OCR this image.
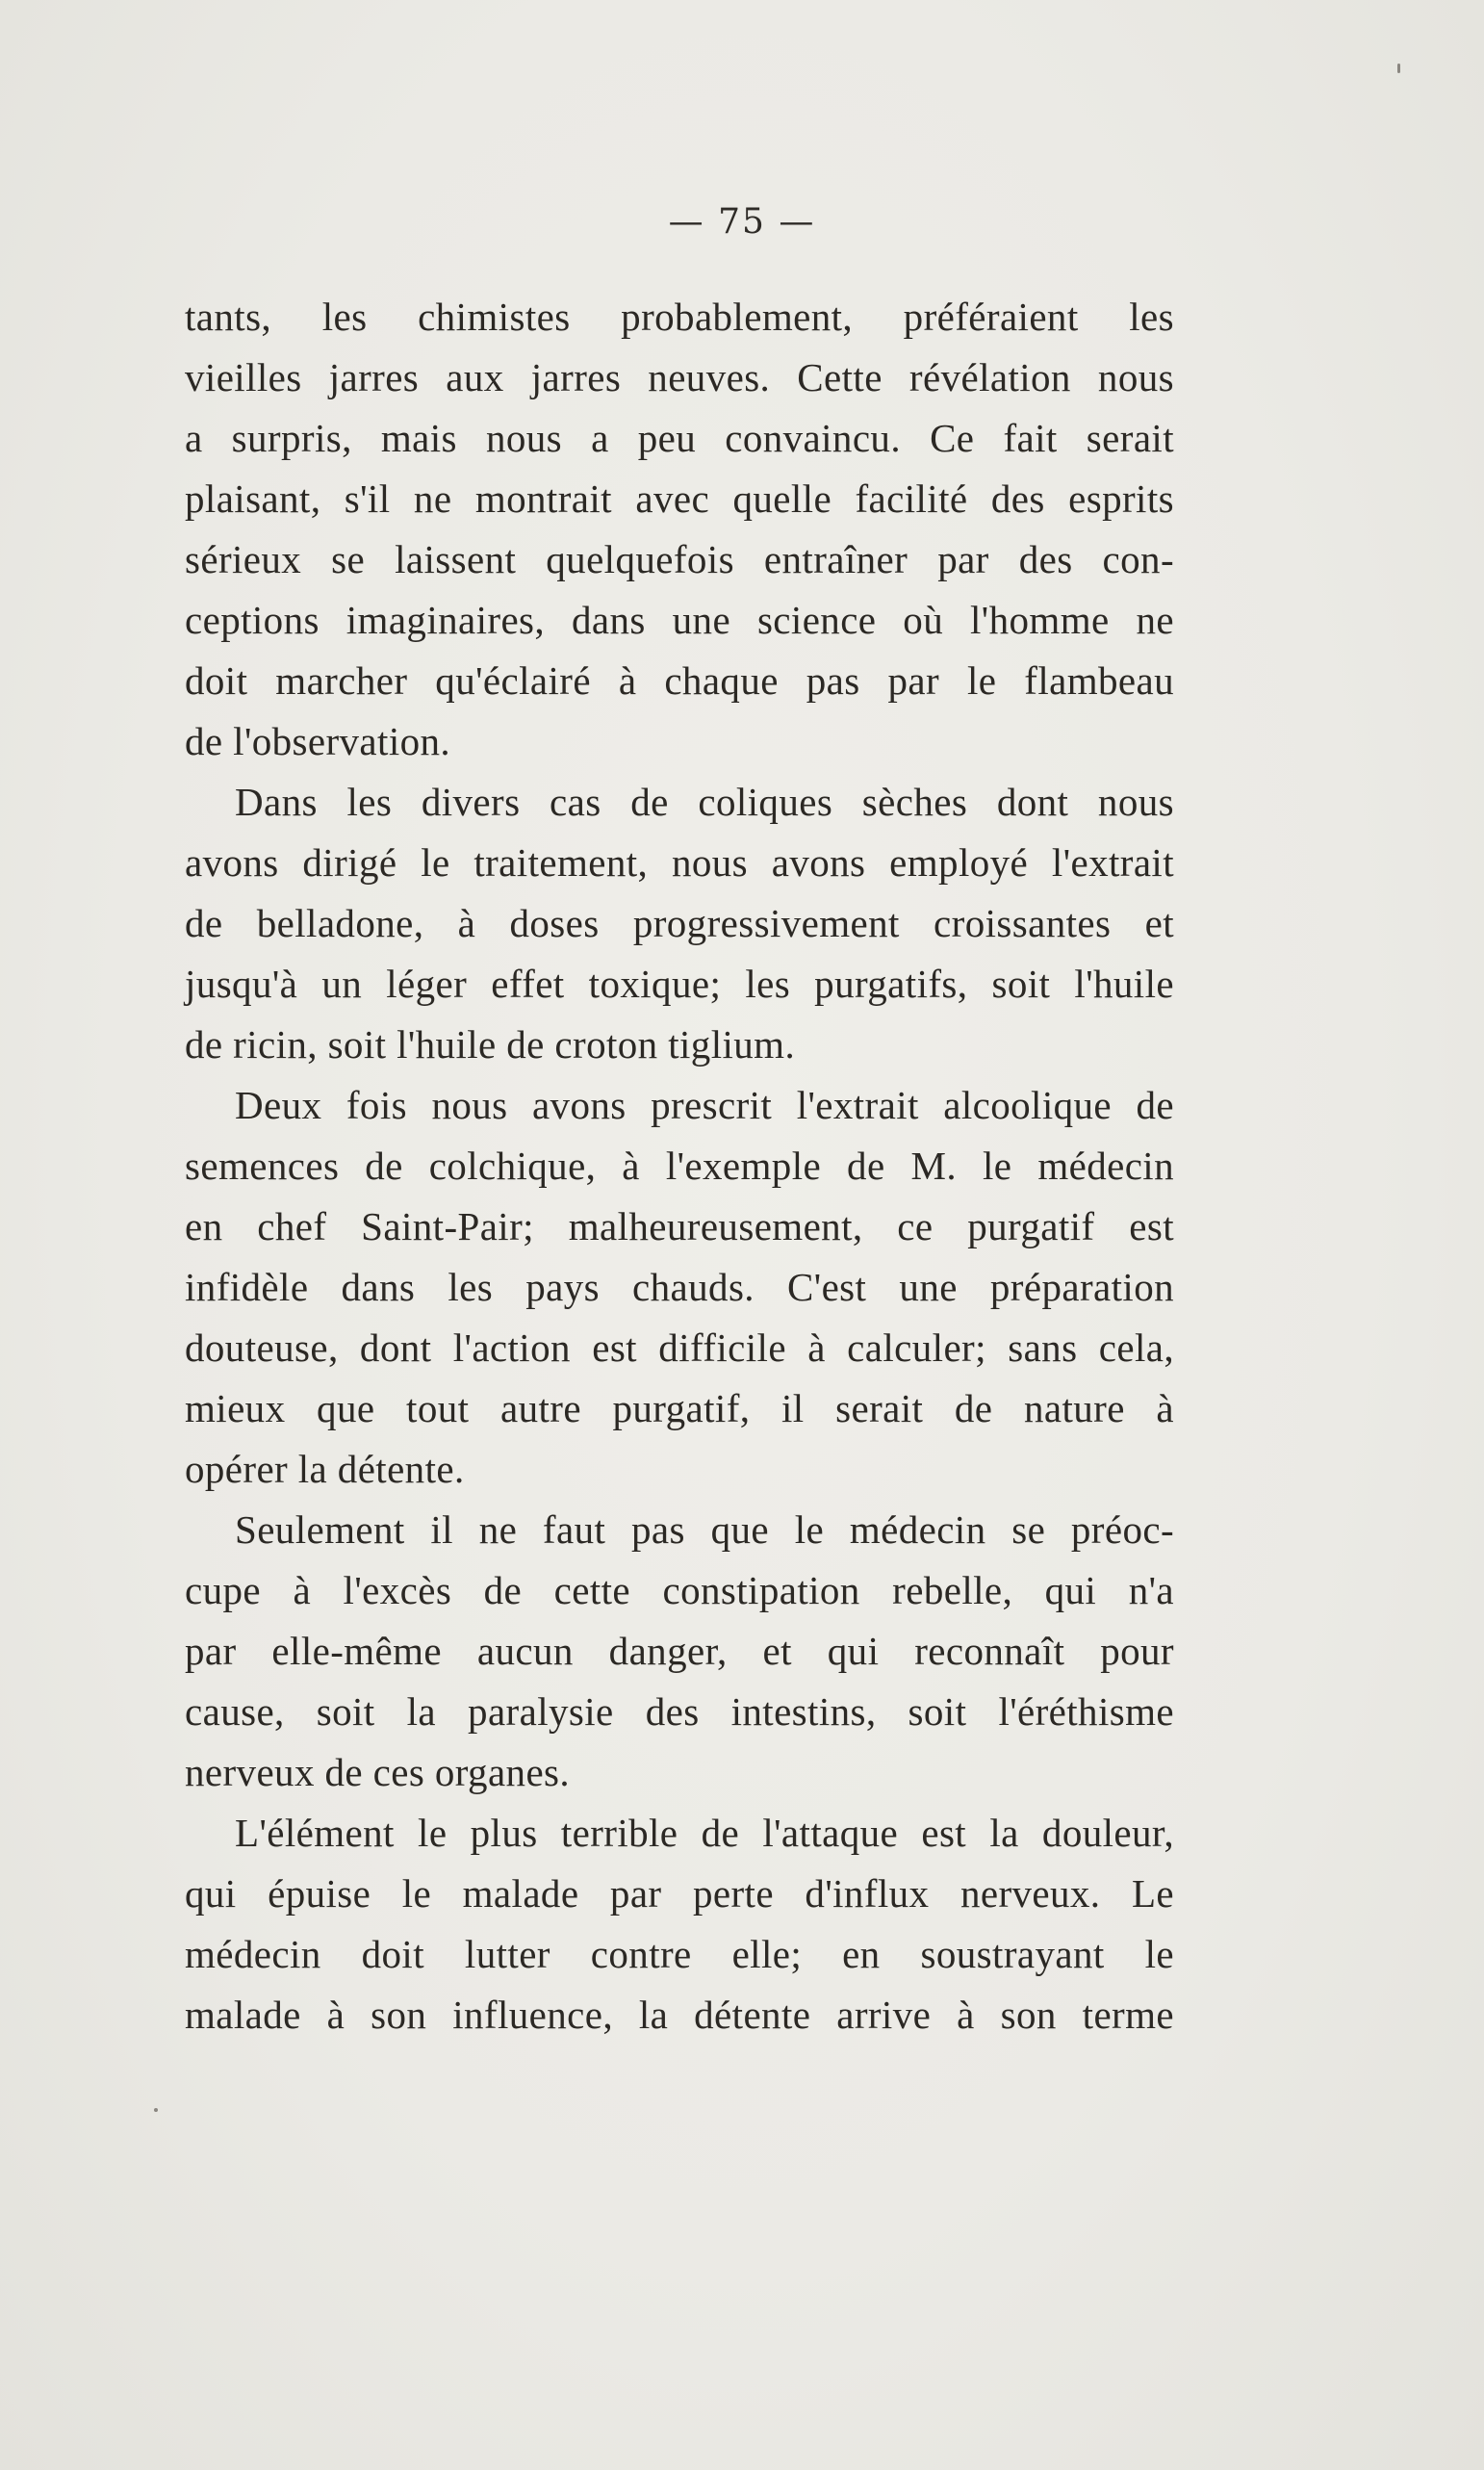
— 75 —
tants, les chimistes probablement, préféraient les
vieilles jarres aux jarres neuves. Cette révélation nous
a surpris, mais nous a peu convaincu. Ce fait serait
plaisant, s'il ne montrait avec quelle facilité des esprits
sérieux se laissent quelquefois entraîner par des con-
ceptions imaginaires, dans une science où l'homme ne
doit marcher qu'éclairé à chaque pas par le flambeau
de l'observation.
Dans les divers cas de coliques sèches dont nous
avons dirigé le traitement, nous avons employé l'extrait
de belladone, à doses progressivement croissantes et
jusqu'à un léger effet toxique; les purgatifs, soit l'huile
de ricin, soit l'huile de croton tiglium.
Deux fois nous avons prescrit l'extrait alcoolique de
semences de colchique, à l'exemple de M. le médecin
en chef Saint-Pair; malheureusement, ce purgatif est
infidèle dans les pays chauds. C'est une préparation
douteuse, dont l'action est difficile à calculer; sans cela,
mieux que tout autre purgatif, il serait de nature à
opérer la détente.
Seulement il ne faut pas que le médecin se préoc-
cupe à l'excès de cette constipation rebelle, qui n'a
par elle-même aucun danger, et qui reconnaît pour
cause, soit la paralysie des intestins, soit l'éréthisme
nerveux de ces organes.
L'élément le plus terrible de l'attaque est la douleur,
qui épuise le malade par perte d'influx nerveux. Le
médecin doit lutter contre elle; en soustrayant le
malade à son influence, la détente arrive à son terme
